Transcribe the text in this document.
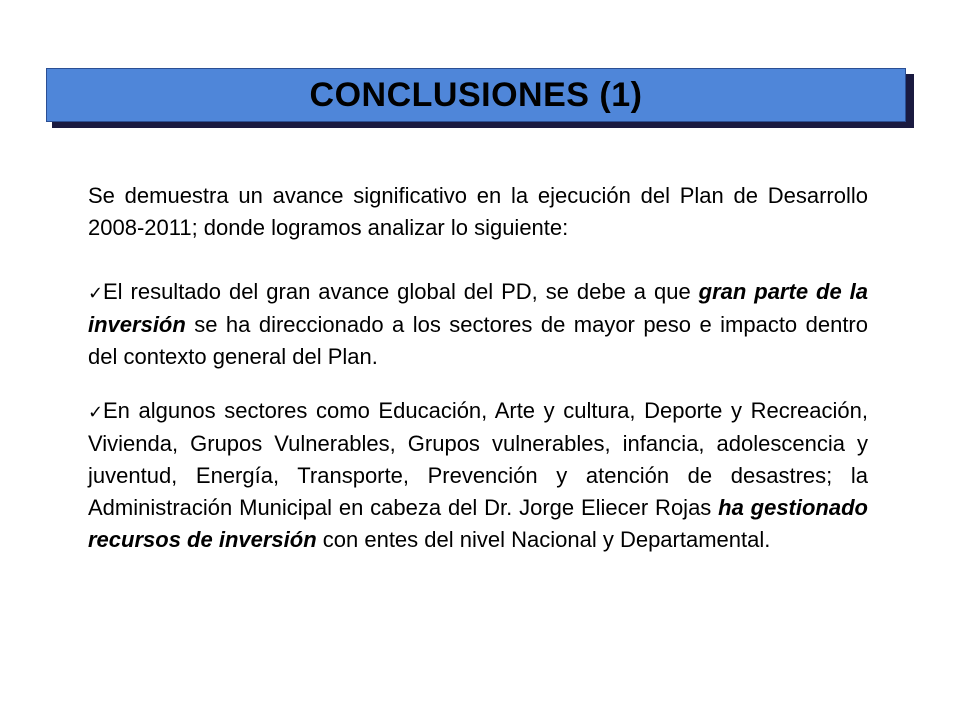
CONCLUSIONES (1)

Se demuestra un avance significativo en la ejecución del Plan de Desarrollo 2008-2011; donde logramos analizar lo siguiente:

✓El resultado del gran avance global del PD, se debe a que gran parte de la inversión se ha direccionado a los sectores de mayor peso e impacto dentro del contexto general del Plan.

✓En algunos sectores como Educación, Arte y cultura, Deporte y Recreación, Vivienda, Grupos Vulnerables, Grupos vulnerables, infancia, adolescencia y juventud, Energía, Transporte, Prevención y atención de desastres; la Administración Municipal en cabeza del Dr. Jorge Eliecer Rojas ha gestionado recursos de inversión con entes del nivel Nacional y Departamental.
